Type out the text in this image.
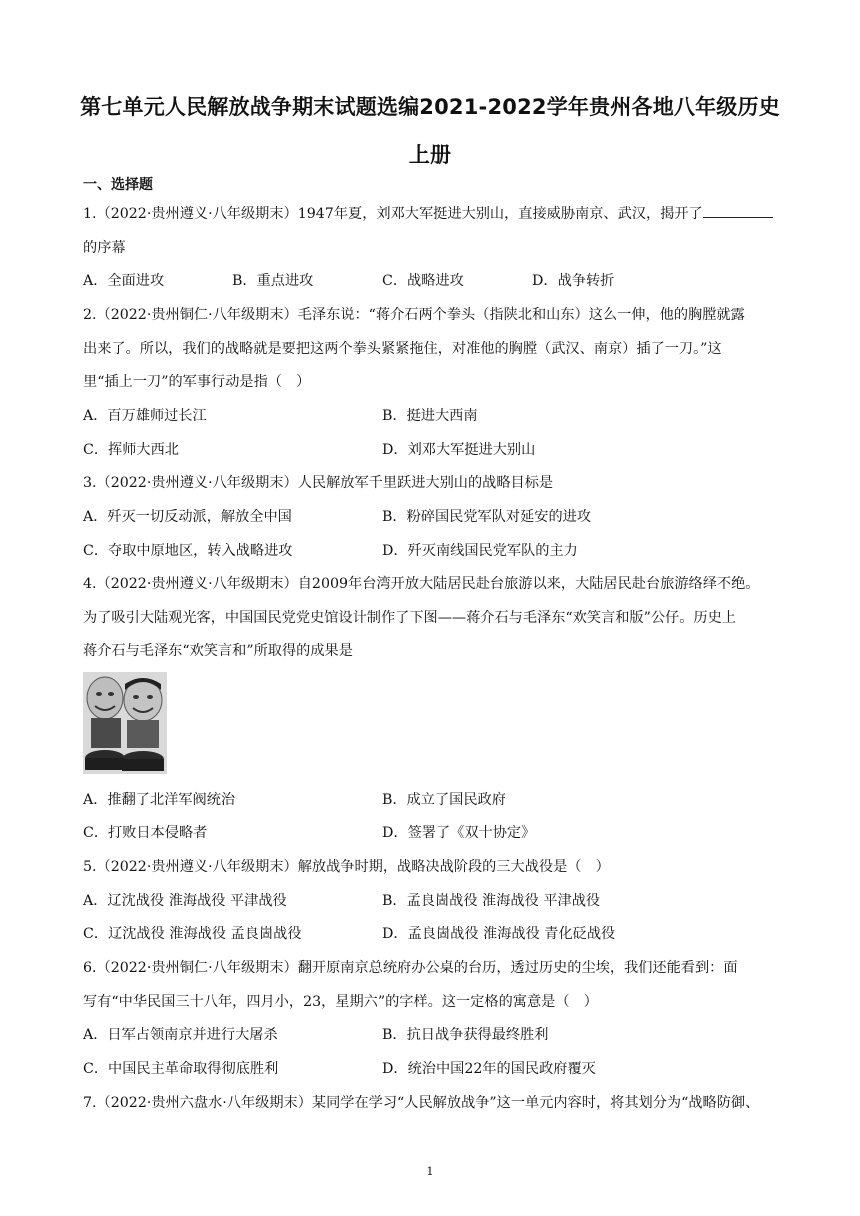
第七单元人民解放战争期末试题选编2021-2022学年贵州各地八年级历史
上册
一、选择题
1.（2022·贵州遵义·八年级期末）1947年夏，刘邓大军挺进大别山，直接威胁南京、武汉，揭开了
的序幕
A．全面进攻	B．重点进攻	C．战略进攻	D．战争转折
2.（2022·贵州铜仁·八年级期末）毛泽东说：“蒋介石两个拳头（指陕北和山东）这么一伸，他的胸膛就露
出来了。所以，我们的战略就是要把这两个拳头紧紧拖住，对准他的胸膛（武汉、南京）插了一刀。”这
里“插上一刀”的军事行动是指（　）
A．百万雄师过长江	B．挺进大西南
C．挥师大西北	D．刘邓大军挺进大别山
3.（2022·贵州遵义·八年级期末）人民解放军千里跃进大别山的战略目标是
A．歼灭一切反动派，解放全中国	B．粉碎国民党军队对延安的进攻
C．夺取中原地区，转入战略进攻	D．歼灭南线国民党军队的主力
4.（2022·贵州遵义·八年级期末）自2009年台湾开放大陆居民赴台旅游以来，大陆居民赴台旅游络绎不绝。
为了吸引大陆观光客，中国国民党党史馆设计制作了下图——蒋介石与毛泽东“欢笑言和版”公仔。历史上
蒋介石与毛泽东“欢笑言和”所取得的成果是
A．推翻了北洋军阀统治	B．成立了国民政府
C．打败日本侵略者	D．签署了《双十协定》
5.（2022·贵州遵义·八年级期末）解放战争时期，战略决战阶段的三大战役是（　）
A．辽沈战役 淮海战役 平津战役	B．孟良崮战役 淮海战役 平津战役
C．辽沈战役 淮海战役 孟良崮战役	D．孟良崮战役 淮海战役 青化砭战役
6.（2022·贵州铜仁·八年级期末）翻开原南京总统府办公桌的台历，透过历史的尘埃，我们还能看到：面
写有“中华民国三十八年，四月小，23，星期六”的字样。这一定格的寓意是（　）
A．日军占领南京并进行大屠杀	B．抗日战争获得最终胜利
C．中国民主革命取得彻底胜利	D．统治中国22年的国民政府覆灭
7.（2022·贵州六盘水·八年级期末）某同学在学习“人民解放战争”这一单元内容时，将其划分为“战略防御、
1
